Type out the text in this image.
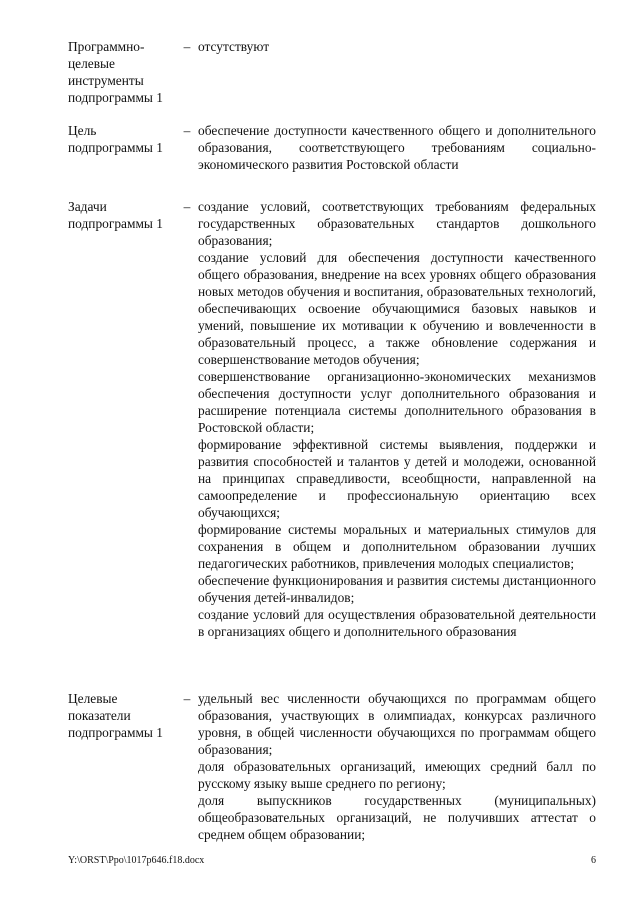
Программно-
целевые
инструменты
подпрограммы 1
– отсутствуют

Цель
подпрограммы 1
– обеспечение доступности качественного общего и дополнительного образования, соответствующего требованиям социально-экономического развития Ростовской области

Задачи
подпрограммы 1
– создание условий, соответствующих требованиям федеральных государственных образовательных стандартов дошкольного образования;

создание условий для обеспечения доступности качественного общего образования, внедрение на всех уровнях общего образования новых методов обучения и воспитания, образовательных технологий, обеспечивающих освоение обучающимися базовых навыков и умений, повышение их мотивации к обучению и вовлеченности в образовательный процесс, а также обновление содержания и совершенствование методов обучения;

совершенствование организационно-экономических механизмов обеспечения доступности услуг дополнительного образования и расширение потенциала системы дополнительного образования в Ростовской области;

формирование эффективной системы выявления, поддержки и развития способностей и талантов у детей и молодежи, основанной на принципах справедливости, всеобщности, направленной на самоопределение и профессиональную ориентацию всех обучающихся;

формирование системы моральных и материальных стимулов для сохранения в общем и дополнительном образовании лучших педагогических работников, привлечения молодых специалистов;

обеспечение функционирования и развития системы дистанционного обучения детей-инвалидов;

создание условий для осуществления образовательной деятельности в организациях общего и дополнительного образования

Целевые
показатели
подпрограммы 1
– удельный вес численности обучающихся по программам общего образования, участвующих в олимпиадах, конкурсах различного уровня, в общей численности обучающихся по программам общего образования;

доля образовательных организаций, имеющих средний балл по русскому языку выше среднего по региону;

доля выпускников государственных (муниципальных) общеобразовательных организаций, не получивших аттестат о среднем общем образовании;

Y:\ORST\Ppo\1017p646.f18.docx	6
